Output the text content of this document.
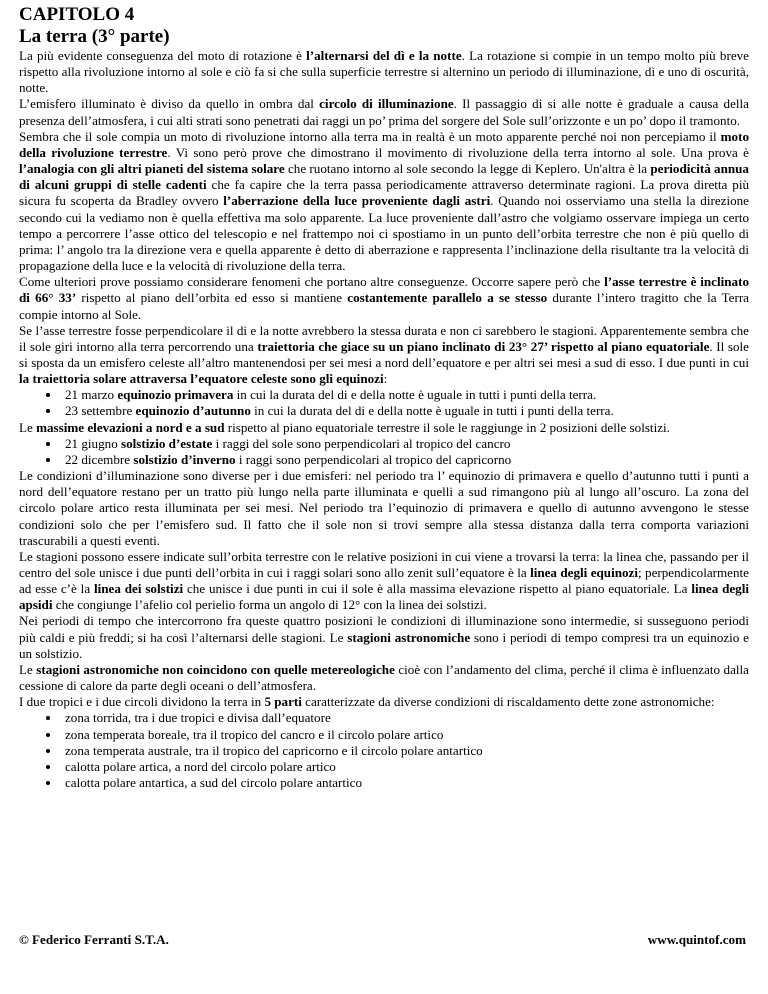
CAPITOLO 4
La terra (3° parte)

La più evidente conseguenza del moto di rotazione è l’alternarsi del dì e la notte. La rotazione si compie in un tempo molto più breve rispetto alla rivoluzione intorno al sole e ciò fa si che sulla superficie terrestre si alternino un periodo di illuminazione, dì e uno di oscurità, notte.

L’emisfero illuminato è diviso da quello in ombra dal circolo di illuminazione. Il passaggio di si alle notte è graduale a causa della presenza dell’atmosfera, i cui alti strati sono penetrati dai raggi un po’ prima del sorgere del Sole sull’orizzonte e un po’ dopo il tramonto.

Sembra che il sole compia un moto di rivoluzione intorno alla terra ma in realtà è un moto apparente perché noi non percepiamo il moto della rivoluzione terrestre. Vi sono però prove che dimostrano il movimento di rivoluzione della terra intorno al sole. Una prova è l’analogia con gli altri pianeti del sistema solare che ruotano intorno al sole secondo la legge di Keplero. Un'altra è la periodicità annua di alcuni gruppi di stelle cadenti che fa capire che la terra passa periodicamente attraverso determinate ragioni. La prova diretta più sicura fu scoperta da Bradley ovvero l’aberrazione della luce proveniente dagli astri. Quando noi osserviamo una stella la direzione secondo cui la vediamo non è quella effettiva ma solo apparente. La luce proveniente dall’astro che volgiamo osservare impiega un certo tempo a percorrere l’asse ottico del telescopio e nel frattempo noi ci spostiamo in un punto dell’orbita terrestre che non è più quello di prima: l’ angolo tra la direzione vera e quella apparente è detto di aberrazione e rappresenta l’inclinazione della risultante tra la velocità di propagazione della luce e la velocità di rivoluzione della terra.

Come ulteriori prove possiamo considerare fenomeni che portano altre conseguenze. Occorre sapere però che l’asse terrestre è inclinato di 66° 33’ rispetto al piano dell’orbita ed esso si mantiene costantemente parallelo a se stesso durante l’intero tragitto che la Terra compie intorno al Sole.

Se l’asse terrestre fosse perpendicolare il di e la notte avrebbero la stessa durata e non ci sarebbero le stagioni. Apparentemente sembra che il sole giri intorno alla terra percorrendo una traiettoria che giace su un piano inclinato di 23° 27’ rispetto al piano equatoriale. Il sole si sposta da un emisfero celeste all’altro mantenendosi per sei mesi a nord dell’equatore e per altri sei mesi a sud di esso. I due punti in cui la traiettoria solare attraversa l’equatore celeste sono gli equinozi:

• 21 marzo equinozio primavera in cui la durata del di e della notte è uguale in tutti i punti della terra.
• 23 settembre equinozio d’autunno in cui la durata del di e della notte è uguale in tutti i punti della terra.

Le massime elevazioni a nord e a sud rispetto al piano equatoriale terrestre il sole le raggiunge in 2 posizioni delle solstizi.

• 21 giugno solstizio d’estate i raggi del sole sono perpendicolari al tropico del cancro
• 22 dicembre solstizio d’inverno i raggi sono perpendicolari al tropico del capricorno

Le condizioni d’illuminazione sono diverse per i due emisferi: nel periodo tra l’ equinozio di primavera e quello d’autunno tutti i punti a nord dell’equatore restano per un tratto più lungo nella parte illuminata e quelli a sud rimangono più al lungo all’oscuro. La zona del circolo polare artico resta illuminata per sei mesi. Nel periodo tra l’equinozio di primavera e quello di autunno avvengono le stesse condizioni solo che per l’emisfero sud. Il fatto che il sole non si trovi sempre alla stessa distanza dalla terra comporta variazioni trascurabili a questi eventi.

Le stagioni possono essere indicate sull’orbita terrestre con le relative posizioni in cui viene a trovarsi la terra: la linea che, passando per il centro del sole unisce i due punti dell’orbita in cui i raggi solari sono allo zenit sull’equatore è la linea degli equinozi; perpendicolarmente ad esse c’è la linea dei solstizi che unisce i due punti in cui il sole è alla massima elevazione rispetto al piano equatoriale. La linea degli apsidi che congiunge l’afelio col perielio forma un angolo di 12° con la linea dei solstizi.

Nei periodi di tempo che intercorrono fra queste quattro posizioni le condizioni di illuminazione sono intermedie, si susseguono periodi più caldi e più freddi; si ha così l’alternarsi delle stagioni. Le stagioni astronomiche sono i periodi di tempo compresi tra un equinozio e un solstizio.

Le stagioni astronomiche non coincidono con quelle metereologiche cioè con l’andamento del clima, perché il clima è influenzato dalla cessione di calore da parte degli oceani o dell’atmosfera.

I due tropici e i due circoli dividono la terra in 5 parti caratterizzate da diverse condizioni di riscaldamento dette zone astronomiche:

• zona torrida, tra i due tropici e divisa dall’equatore
• zona temperata boreale, tra il tropico del cancro e il circolo polare artico
• zona temperata australe, tra il tropico del capricorno e il circolo polare antartico
• calotta polare artica, a nord del circolo polare artico
• calotta polare antartica, a sud del circolo polare antartico
© Federico Ferranti S.T.A.	www.quintof.com
